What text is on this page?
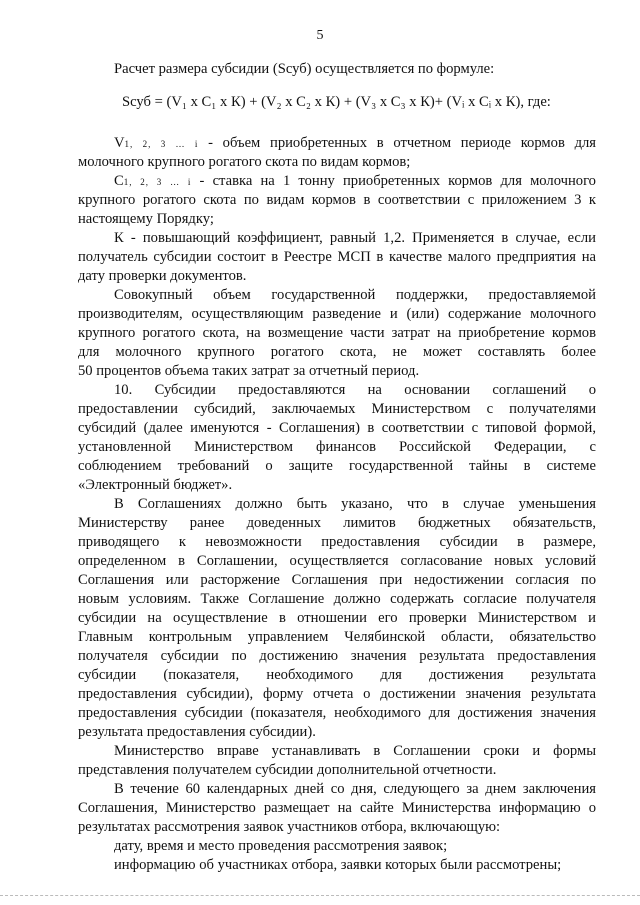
5
Расчет размера субсидии (Sсуб) осуществляется по формуле:
Sсуб = (V₁ х C₁ х К) + (V₂ х C₂ х К) + (V₃ х C₃ х К)+ (Vᵢ х Cᵢ х К), где:
V1, 2, 3 … i - объем приобретенных в отчетном периоде кормов для
молочного крупного рогатого скота по видам кормов;
C1, 2, 3 … i - ставка на 1 тонну приобретенных кормов для молочного
крупного рогатого скота по видам кормов в соответствии с приложением 3 к
настоящему Порядку;
К - повышающий коэффициент, равный 1,2. Применяется в случае, если
получатель субсидии состоит в Реестре МСП в качестве малого предприятия на
дату проверки документов.
Совокупный объем государственной поддержки, предоставляемой
производителям, осуществляющим разведение и (или) содержание молочного
крупного рогатого скота, на возмещение части затрат на приобретение кормов
для молочного крупного рогатого скота, не может составлять более
50 процентов объема таких затрат за отчетный период.
10. Субсидии предоставляются на основании соглашений о
предоставлении субсидий, заключаемых Министерством с получателями
субсидий (далее именуются - Соглашения) в соответствии с типовой формой,
установленной Министерством финансов Российской Федерации, с
соблюдением требований о защите государственной тайны в системе
«Электронный бюджет».
В Соглашениях должно быть указано, что в случае уменьшения
Министерству ранее доведенных лимитов бюджетных обязательств,
приводящего к невозможности предоставления субсидии в размере,
определенном в Соглашении, осуществляется согласование новых условий
Соглашения или расторжение Соглашения при недостижении согласия по
новым условиям. Также Соглашение должно содержать согласие получателя
субсидии на осуществление в отношении его проверки Министерством и
Главным контрольным управлением Челябинской области, обязательство
получателя субсидии по достижению значения результата предоставления
субсидии (показателя, необходимого для достижения результата
предоставления субсидии), форму отчета о достижении значения результата
предоставления субсидии (показателя, необходимого для достижения значения
результата предоставления субсидии).
Министерство вправе устанавливать в Соглашении сроки и формы
представления получателем субсидии дополнительной отчетности.
В течение 60 календарных дней со дня, следующего за днем заключения
Соглашения, Министерство размещает на сайте Министерства информацию о
результатах рассмотрения заявок участников отбора, включающую:
дату, время и место проведения рассмотрения заявок;
информацию об участниках отбора, заявки которых были рассмотрены;
